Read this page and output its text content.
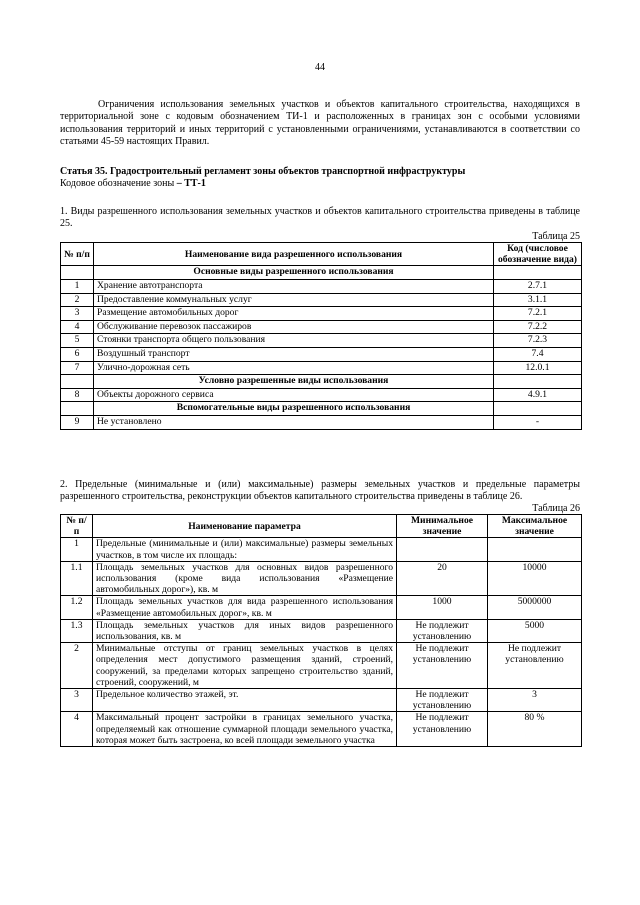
44

Ограничения использования земельных участков и объектов капитального строительства, находящихся в территориальной зоне с кодовым обозначением ТИ-1 и расположенных в границах зон с особыми условиями использования территорий и иных территорий с установленными ограничениями, устанавливаются в соответствии со статьями 45-59 настоящих Правил.

Статья 35. Градостроительный регламент зоны объектов транспортной инфраструктуры

Кодовое обозначение зоны – ТТ-1

1. Виды разрешенного использования земельных участков и объектов капитального строительства приведены в таблице 25.

Таблица 25
№ п/п	Наименование вида разрешенного использования	Код (числовое обозначение вида)
	Основные виды разрешенного использования	
1	Хранение автотранспорта	2.7.1
2	Предоставление коммунальных услуг	3.1.1
3	Размещение автомобильных дорог	7.2.1
4	Обслуживание перевозок пассажиров	7.2.2
5	Стоянки транспорта общего пользования	7.2.3
6	Воздушный транспорт	7.4
7	Улично-дорожная сеть	12.0.1
	Условно разрешенные виды использования	
8	Объекты дорожного сервиса	4.9.1
	Вспомогательные виды разрешенного использования	
9	Не установлено	-

2. Предельные (минимальные и (или) максимальные) размеры земельных участков и предельные параметры разрешенного строительства, реконструкции объектов капитального строительства приведены в таблице 26.

Таблица 26
№ п/п	Наименование параметра	Минимальное значение	Максимальное значение
1	Предельные (минимальные и (или) максимальные) размеры земельных участков, в том числе их площадь:		
1.1	Площадь земельных участков для основных видов разрешенного использования (кроме вида использования «Размещение автомобильных дорог»), кв. м	20	10000
1.2	Площадь земельных участков для вида разрешенного использования «Размещение автомобильных дорог», кв. м	1000	5000000
1.3	Площадь земельных участков для иных видов разрешенного использования, кв. м	Не подлежит установлению	5000
2	Минимальные отступы от границ земельных участков в целях определения мест допустимого размещения зданий, строений, сооружений, за пределами которых запрещено строительство зданий, строений, сооружений, м	Не подлежит установлению	Не подлежит установлению
3	Предельное количество этажей, эт.	Не подлежит установлению	3
4	Максимальный процент застройки в границах земельного участка, определяемый как отношение суммарной площади земельного участка, которая может быть застроена, ко всей площади земельного участка	Не подлежит установлению	80 %
